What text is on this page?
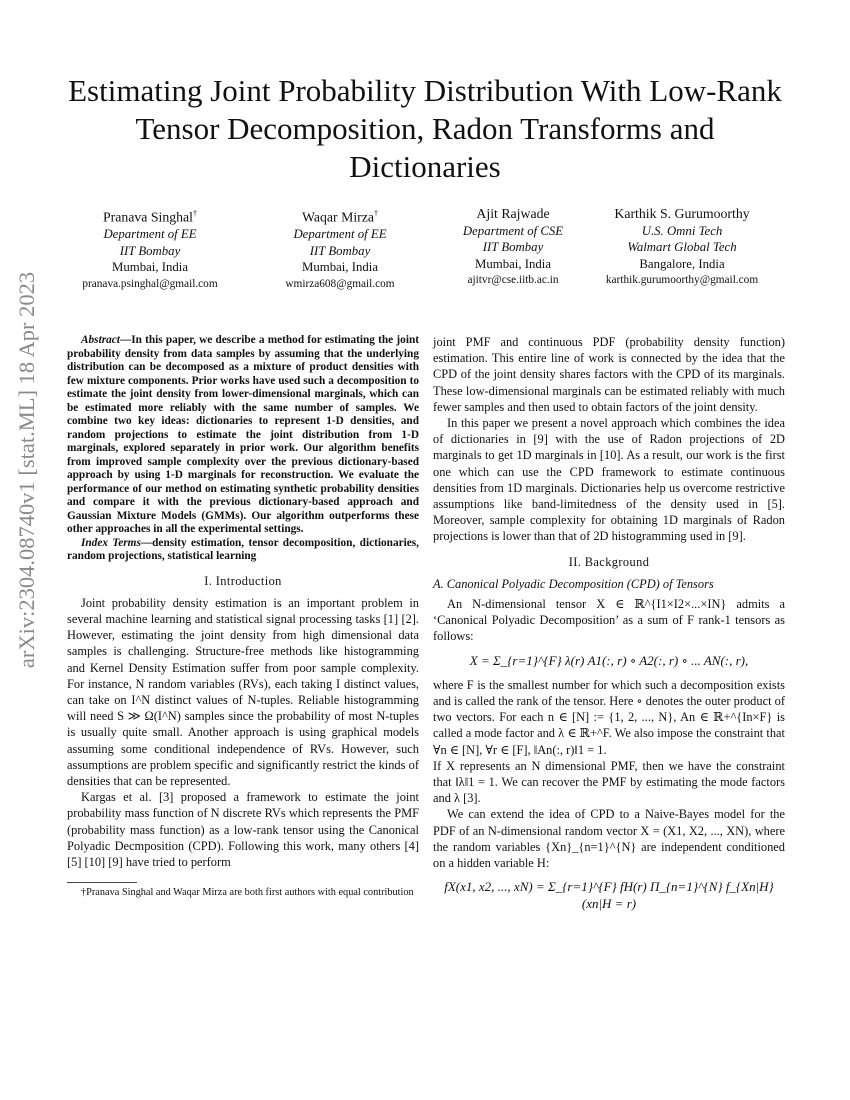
arXiv:2304.08740v1 [stat.ML] 18 Apr 2023
Estimating Joint Probability Distribution With Low-Rank Tensor Decomposition, Radon Transforms and Dictionaries
Pranava Singhal†
Department of EE
IIT Bombay
Mumbai, India
pranava.psinghal@gmail.com
Waqar Mirza†
Department of EE
IIT Bombay
Mumbai, India
wmirza608@gmail.com
Ajit Rajwade
Department of CSE
IIT Bombay
Mumbai, India
ajitvr@cse.iitb.ac.in
Karthik S. Gurumoorthy
U.S. Omni Tech
Walmart Global Tech
Bangalore, India
karthik.gurumoorthy@gmail.com

Abstract—In this paper, we describe a method for estimating the joint probability density from data samples by assuming that the underlying distribution can be decomposed as a mixture of product densities with few mixture components. Prior works have used such a decomposition to estimate the joint density from lower-dimensional marginals, which can be estimated more reliably with the same number of samples. We combine two key ideas: dictionaries to represent 1-D densities, and random projections to estimate the joint distribution from 1-D marginals, explored separately in prior work. Our algorithm benefits from improved sample complexity over the previous dictionary-based approach by using 1-D marginals for reconstruction. We evaluate the performance of our method on estimating synthetic probability densities and compare it with the previous dictionary-based approach and Gaussian Mixture Models (GMMs). Our algorithm outperforms these other approaches in all the experimental settings.

Index Terms—density estimation, tensor decomposition, dictionaries, random projections, statistical learning

I. Introduction

Joint probability density estimation is an important problem in several machine learning and statistical signal processing tasks [1] [2]. However, estimating the joint density from high dimensional data samples is challenging. Structure-free methods like histogramming and Kernel Density Estimation suffer from poor sample complexity. For instance, N random variables (RVs), each taking I distinct values, can take on I^N distinct values of N-tuples. Reliable histogramming will need S ≫ Ω(I^N) samples since the probability of most N-tuples is usually quite small. Another approach is using graphical models assuming some conditional independence of RVs. However, such assumptions are problem specific and significantly restrict the kinds of densities that can be represented.

Kargas et al. [3] proposed a framework to estimate the joint probability mass function of N discrete RVs which represents the PMF (probability mass function) as a low-rank tensor using the Canonical Polyadic Decmposition (CPD). Following this work, many others [4] [5] [10] [9] have tried to perform

†Pranava Singhal and Waqar Mirza are both first authors with equal contribution

joint PMF and continuous PDF (probability density function) estimation. This entire line of work is connected by the idea that the CPD of the joint density shares factors with the CPD of its marginals. These low-dimensional marginals can be estimated reliably with much fewer samples and then used to obtain factors of the joint density.

In this paper we present a novel approach which combines the idea of dictionaries in [9] with the use of Radon projections of 2D marginals to get 1D marginals in [10]. As a result, our work is the first one which can use the CPD framework to estimate continuous densities from 1D marginals. Dictionaries help us overcome restrictive assumptions like band-limitedness of the density used in [5]. Moreover, sample complexity for obtaining 1D marginals of Radon projections is lower than that of 2D histogramming used in [9].

II. Background
A. Canonical Polyadic Decomposition (CPD) of Tensors

An N-dimensional tensor X ∈ ℝ^{I1×I2×...×IN} admits a ‘Canonical Polyadic Decomposition’ as a sum of F rank-1 tensors as follows:

X = Σ_{r=1}^{F} λ(r) A1(:, r) ∘ A2(:, r) ∘ ... AN(:, r),

where F is the smallest number for which such a decomposition exists and is called the rank of the tensor. Here ∘ denotes the outer product of two vectors. For each n ∈ [N] := {1, 2, ..., N}, An ∈ ℝ+^{In×F} is called a mode factor and λ ∈ ℝ+^F. We also impose the constraint that ∀n ∈ [N], ∀r ∈ [F], ‖An(:, r)‖1 = 1.

If X represents an N dimensional PMF, then we have the constraint that ‖λ‖1 = 1. We can recover the PMF by estimating the mode factors and λ [3].

We can extend the idea of CPD to a Naive-Bayes model for the PDF of an N-dimensional random vector X = (X1, X2, ..., XN), where the random variables {Xn}_{n=1}^{N} are independent conditioned on a hidden variable H:

fX(x1, x2, ..., xN) = Σ_{r=1}^{F} fH(r) Π_{n=1}^{N} f_{Xn|H}(xn|H = r)
